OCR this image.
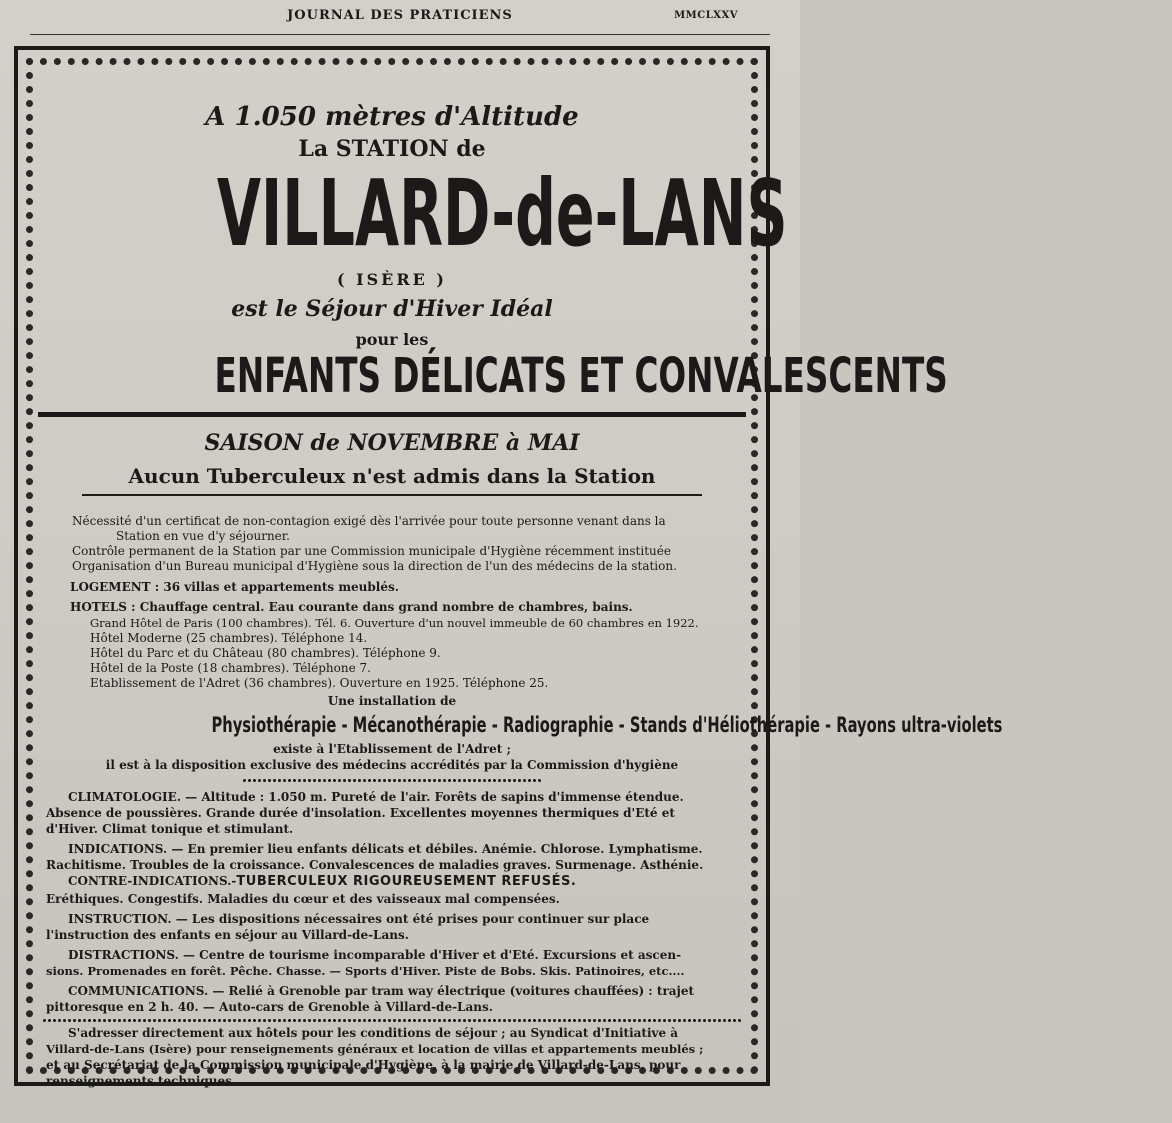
JOURNAL DES PRATICIENS	MMCLXXV
A 1.050 mètres d'Altitude
La STATION de
VILLARD-de-LANS
( ISÈRE )
est le Séjour d'Hiver Idéal
pour les
ENFANTS DÉLICATS ET CONVALESCENTS
SAISON de NOVEMBRE à MAI
Aucun Tuberculeux n'est admis dans la Station
Nécessité d'un certificat de non-contagion exigé dès l'arrivée pour toute personne venant dans la
Station en vue d'y séjourner.
Contrôle permanent de la Station par une Commission municipale d'Hygiène récemment instituée
Organisation d'un Bureau municipal d'Hygiène sous la direction de l'un des médecins de la station.
LOGEMENT : 36 villas et appartements meublés.
HOTELS : Chauffage central. Eau courante dans grand nombre de chambres, bains.
Grand Hôtel de Paris (100 chambres). Tél. 6. Ouverture d'un nouvel immeuble de 60 chambres en 1922.
Hôtel Moderne (25 chambres). Téléphone 14.
Hôtel du Parc et du Château (80 chambres). Téléphone 9.
Hôtel de la Poste (18 chambres). Téléphone 7.
Etablissement de l'Adret (36 chambres). Ouverture en 1925. Téléphone 25.
Une installation de
Physiothérapie - Mécanothérapie - Radiographie - Stands d'Héliothérapie - Rayons ultra-violets
existe à l'Etablissement de l'Adret ;
il est à la disposition exclusive des médecins accrédités par la Commission d'hygiène
CLIMATOLOGIE. — Altitude : 1.050 m. Pureté de l'air. Forêts de sapins d'immense étendue.
Absence de poussières. Grande durée d'insolation. Excellentes moyennes thermiques d'Eté et
d'Hiver. Climat tonique et stimulant.
INDICATIONS. — En premier lieu enfants délicats et débiles. Anémie. Chlorose. Lymphatisme.
Rachitisme. Troubles de la croissance. Convalescences de maladies graves. Surmenage. Asthénie.
CONTRE-INDICATIONS.-TUBERCULEUX RIGOUREUSEMENT REFUSÉS.
Eréthiques. Congestifs. Maladies du cœur et des vaisseaux mal compensées.
INSTRUCTION. — Les dispositions nécessaires ont été prises pour continuer sur place
l'instruction des enfants en séjour au Villard-de-Lans.
DISTRACTIONS. — Centre de tourisme incomparable d'Hiver et d'Eté. Excursions et ascen-
sions. Promenades en forêt. Pêche. Chasse. — Sports d'Hiver. Piste de Bobs. Skis. Patinoires, etc....
COMMUNICATIONS. — Relié à Grenoble par tram way électrique (voitures chauffées) : trajet
pittoresque en 2 h. 40. — Auto-cars de Grenoble à Villard-de-Lans.
S'adresser directement aux hôtels pour les conditions de séjour ; au Syndicat d'Initiative à
Villard-de-Lans (Isère) pour renseignements généraux et location de villas et appartements meublés ;
et au Secrétariat de la Commission municipale d'Hygiène, à la mairie de Villard-de-Lans, pour
renseignements techniques.
